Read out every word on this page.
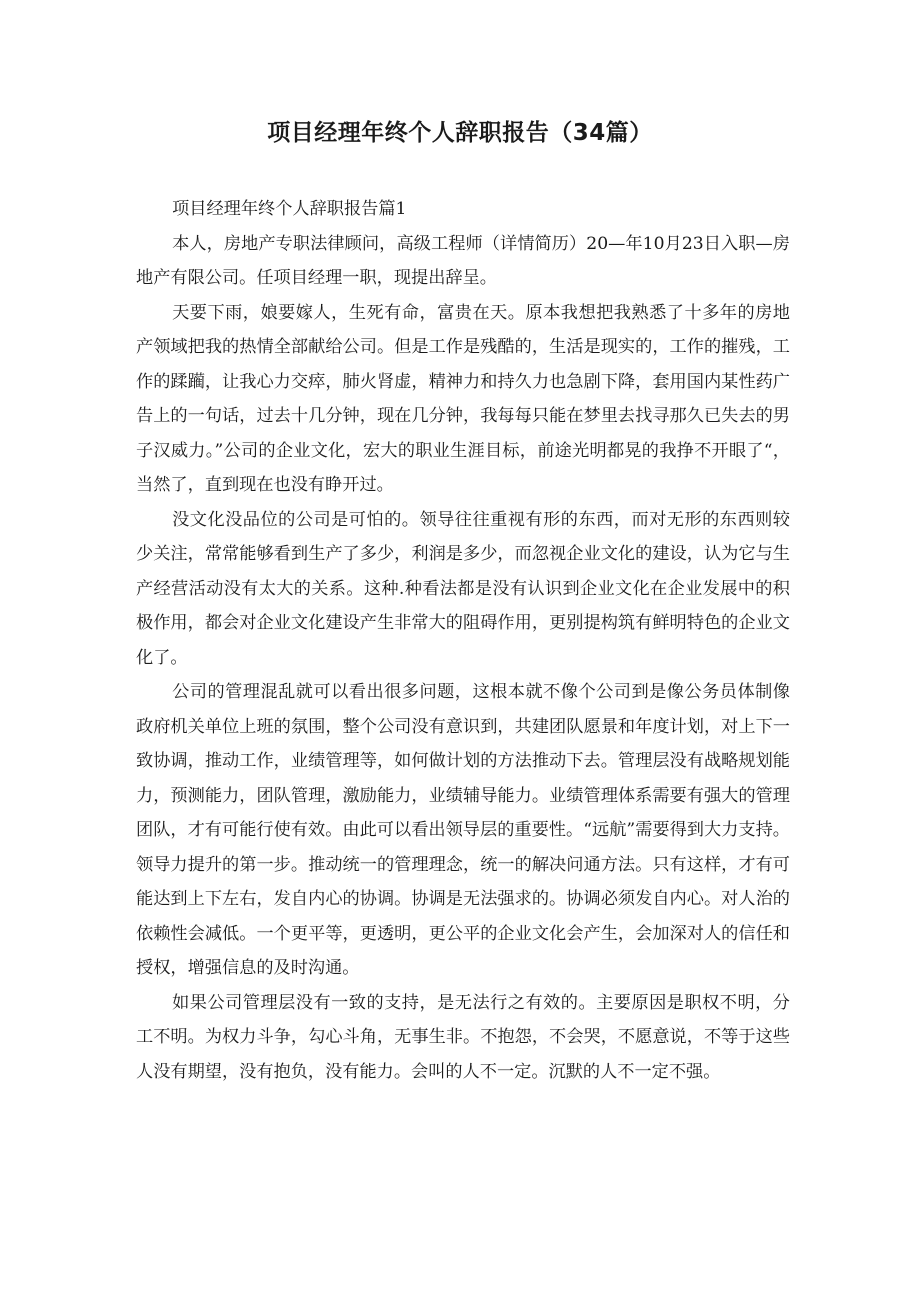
项目经理年终个人辞职报告（34篇）

项目经理年终个人辞职报告篇1

本人，房地产专职法律顾问，高级工程师（详情简历）20—年10月23日入职—房地产有限公司。任项目经理一职，现提出辞呈。

天要下雨，娘要嫁人，生死有命，富贵在天。原本我想把我熟悉了十多年的房地产领域把我的热情全部献给公司。但是工作是残酷的，生活是现实的，工作的摧残，工作的蹂躏，让我心力交瘁，肺火肾虚，精神力和持久力也急剧下降，套用国内某性药广告上的一句话，过去十几分钟，现在几分钟，我每每只能在梦里去找寻那久已失去的男子汉威力。”公司的企业文化，宏大的职业生涯目标，前途光明都晃的我挣不开眼了“，当然了，直到现在也没有睁开过。

没文化没品位的公司是可怕的。领导往往重视有形的东西，而对无形的东西则较少关注，常常能够看到生产了多少，利润是多少，而忽视企业文化的建设，认为它与生产经营活动没有太大的关系。这种.种看法都是没有认识到企业文化在企业发展中的积极作用，都会对企业文化建设产生非常大的阻碍作用，更别提构筑有鲜明特色的企业文化了。

公司的管理混乱就可以看出很多问题，这根本就不像个公司到是像公务员体制像政府机关单位上班的氛围，整个公司没有意识到，共建团队愿景和年度计划，对上下一致协调，推动工作，业绩管理等，如何做计划的方法推动下去。管理层没有战略规划能力，预测能力，团队管理，激励能力，业绩辅导能力。业绩管理体系需要有强大的管理团队，才有可能行使有效。由此可以看出领导层的重要性。“远航”需要得到大力支持。领导力提升的第一步。推动统一的管理理念，统一的解决问通方法。只有这样，才有可能达到上下左右，发自内心的协调。协调是无法强求的。协调必须发自内心。对人治的依赖性会减低。一个更平等，更透明，更公平的企业文化会产生，会加深对人的信任和授权，增强信息的及时沟通。

如果公司管理层没有一致的支持，是无法行之有效的。主要原因是职权不明，分工不明。为权力斗争，勾心斗角，无事生非。不抱怨，不会哭，不愿意说，不等于这些人没有期望，没有抱负，没有能力。会叫的人不一定。沉默的人不一定不强。
